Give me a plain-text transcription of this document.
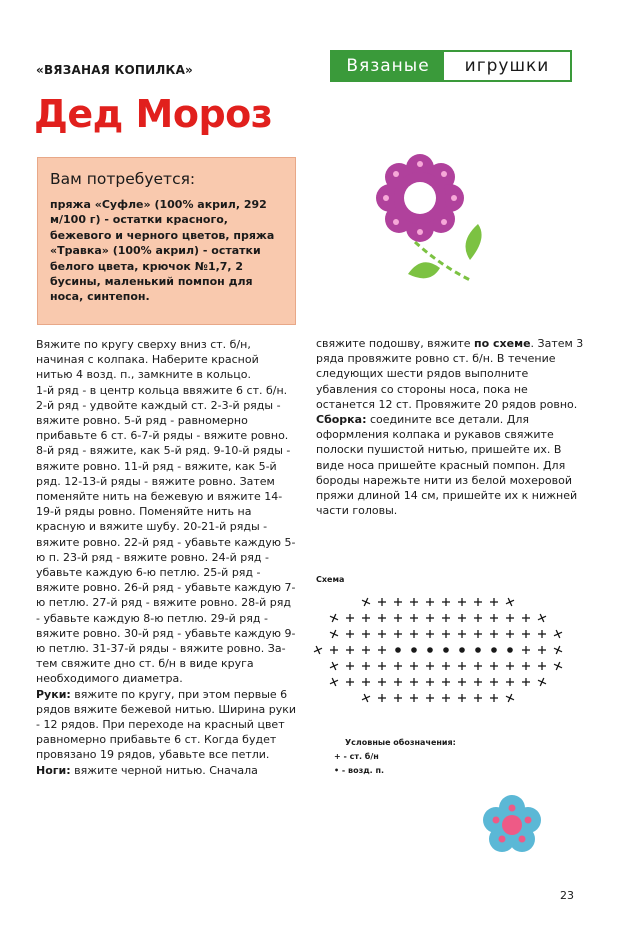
«ВЯЗАНАЯ КОПИЛКА»
Дед Мороз
Вязаные	игрушки
Вам потребуется:
пряжа «Суфле» (100% акрил, 292 м/100 г) - остатки красного, бежевого и черного цветов, пряжа «Травка» (100% акрил) - остатки белого цвета, крючок №1,7, 2 бусины, маленький помпон для носа, синтепон.

Вяжите по кругу сверху вниз ст. б/н, начиная с колпака. Наберите красной нитью 4 возд. п., замкните в кольцо.

1-й ряд - в центр кольца ввяжите 6 ст. б/н. 2-й ряд - удвойте каждый ст. 2-3-й ряды - вяжите ровно. 5-й ряд - равномерно прибавьте 6 ст. 6-7-й ряды - вяжите ровно. 8-й ряд - вяжите, как 5-й ряд. 9-10-й ряды - вяжите ровно. 11-й ряд - вяжите, как 5-й ряд. 12-13-й ряды - вяжите ровно. Затем поменяйте нить на бежевую и вяжите 14-19-й ряды ровно. Поменяйте нить на красную и вяжите шубу. 20-21-й ряды - вяжите ровно. 22-й ряд - убавьте каждую 5-ю п. 23-й ряд - вяжите ровно. 24-й ряд - убавьте каждую 6-ю петлю. 25-й ряд - вяжите ровно. 26-й ряд - убавьте каждую 7-ю петлю. 27-й ряд - вяжите ровно. 28-й ряд - убавьте каждую 8-ю петлю. 29-й ряд - вяжите ровно. 30-й ряд - убавьте каждую 9-ю петлю. 31-37-й ряды - вяжите ровно. Затем свяжите дно ст. б/н в виде круга необходимого диаметра.

Руки: вяжите по кругу, при этом первые 6 рядов вяжите бежевой нитью. Ширина руки - 12 рядов. При переходе на красный цвет равномерно прибавьте 6 ст. Когда будет провязано 19 рядов, убавьте все петли.

Ноги: вяжите черной нитью. Сначала

свяжите подошву, вяжите по схеме. Затем 3 ряда провяжите ровно ст. б/н. В течение следующих шести рядов выполните убавления со стороны носа, пока не останется 12 ст. Провяжите 20 рядов ровно.

Сборка: соедините все детали. Для оформления колпака и рукавов свяжите полоски пушистой нитью, пришейте их. В виде носа пришейте красный помпон. Для бороды нарежьте нити из белой мохеровой пряжи длиной 14 см, пришейте их к нижней части головы.

Схема
Условные обозначения:
+ - ст. б/н
• - возд. п.
23
